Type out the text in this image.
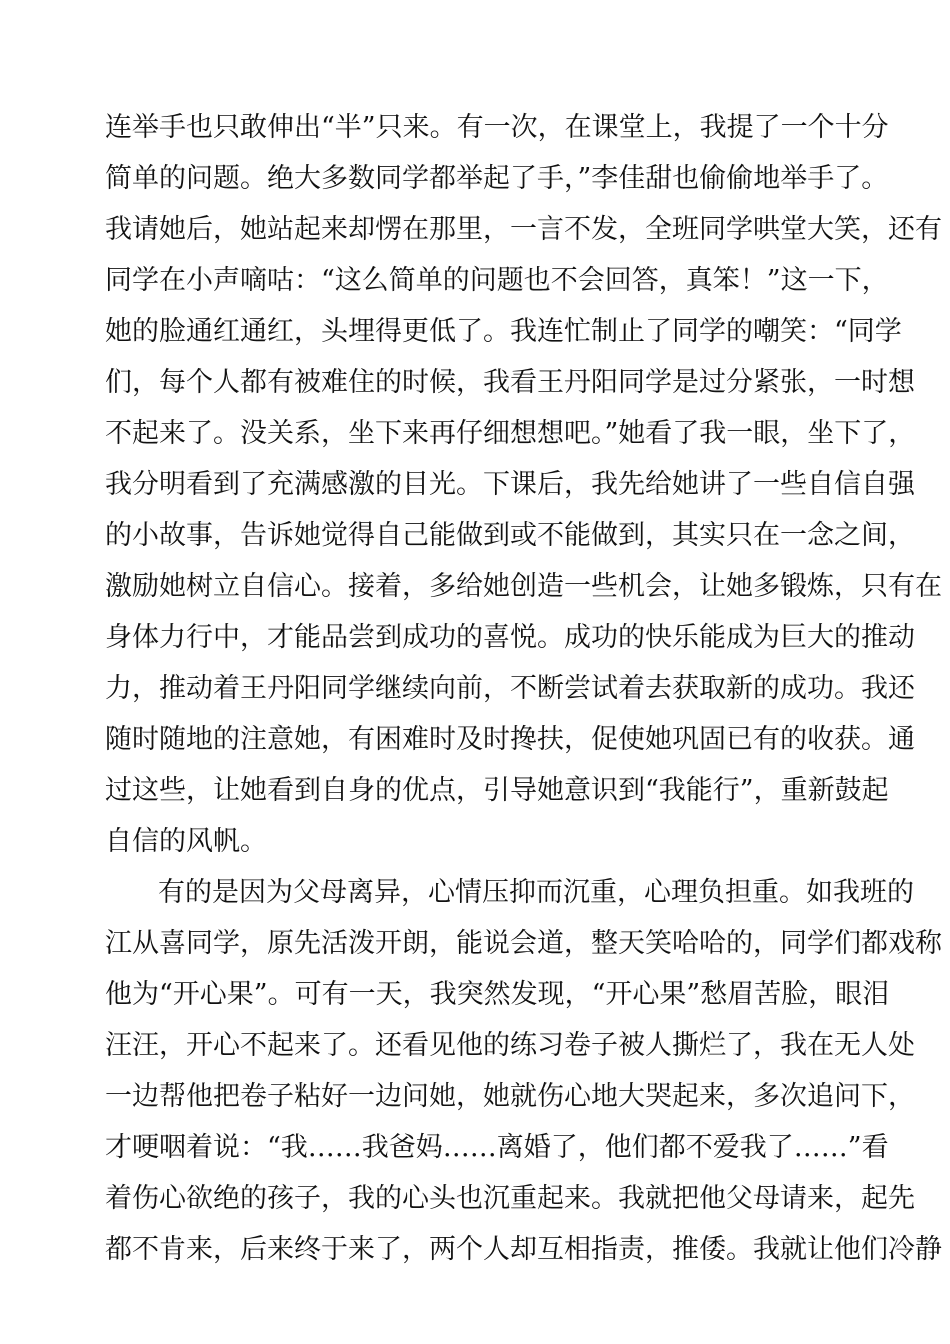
连举手也只敢伸出“半”只来。有一次，在课堂上，我提了一个十分
简单的问题。绝大多数同学都举起了手，”李佳甜也偷偷地举手了。
我请她后，她站起来却愣在那里，一言不发，全班同学哄堂大笑，还有
同学在小声嘀咕：“这么简单的问题也不会回答，真笨！”这一下，
她的脸通红通红，头埋得更低了。我连忙制止了同学的嘲笑：“同学
们，每个人都有被难住的时候，我看王丹阳同学是过分紧张，一时想
不起来了。没关系，坐下来再仔细想想吧。”她看了我一眼，坐下了，
我分明看到了充满感激的目光。下课后，我先给她讲了一些自信自强
的小故事，告诉她觉得自己能做到或不能做到，其实只在一念之间，
激励她树立自信心。接着，多给她创造一些机会，让她多锻炼，只有在
身体力行中，才能品尝到成功的喜悦。成功的快乐能成为巨大的推动
力，推动着王丹阳同学继续向前，不断尝试着去获取新的成功。我还
随时随地的注意她，有困难时及时搀扶，促使她巩固已有的收获。通
过这些，让她看到自身的优点，引导她意识到“我能行”，重新鼓起
自信的风帆。
有的是因为父母离异，心情压抑而沉重，心理负担重。如我班的
江从喜同学，原先活泼开朗，能说会道，整天笑哈哈的，同学们都戏称
他为“开心果”。可有一天，我突然发现，“开心果”愁眉苦脸，眼泪
汪汪，开心不起来了。还看见他的练习卷子被人撕烂了，我在无人处
一边帮他把卷子粘好一边问她，她就伤心地大哭起来，多次追问下，
才哽咽着说：“我……我爸妈……离婚了，他们都不爱我了……”看
着伤心欲绝的孩子，我的心头也沉重起来。我就把他父母请来，起先
都不肯来，后来终于来了，两个人却互相指责，推倭。我就让他们冷静
